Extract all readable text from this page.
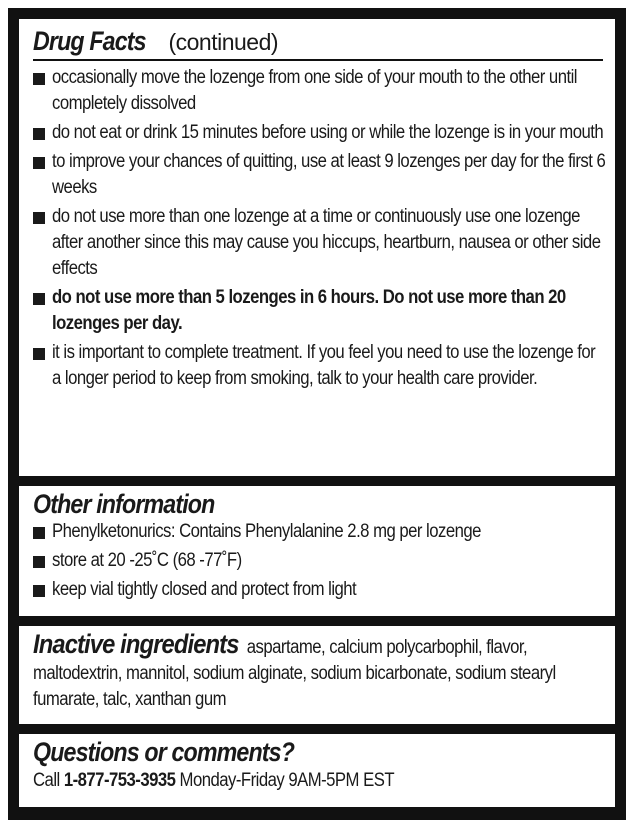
Drug Facts (continued)
occasionally move the lozenge from one side of your mouth to the other until completely dissolved
do not eat or drink 15 minutes before using or while the lozenge is in your mouth
to improve your chances of quitting, use at least 9 lozenges per day for the first 6 weeks
do not use more than one lozenge at a time or continuously use one lozenge after another since this may cause you hiccups, heartburn, nausea or other side effects
do not use more than 5 lozenges in 6 hours. Do not use more than 20 lozenges per day.
it is important to complete treatment. If you feel you need to use the lozenge for a longer period to keep from smoking, talk to your health care provider.
Other information
Phenylketonurics: Contains Phenylalanine 2.8 mg per lozenge
store at 20 -25˚C (68 -77˚F)
keep vial tightly closed and protect from light
Inactive ingredients aspartame, calcium polycarbophil, flavor, maltodextrin, mannitol, sodium alginate, sodium bicarbonate, sodium stearyl fumarate, talc, xanthan gum
Questions or comments?
Call 1-877-753-3935 Monday-Friday 9AM-5PM EST
